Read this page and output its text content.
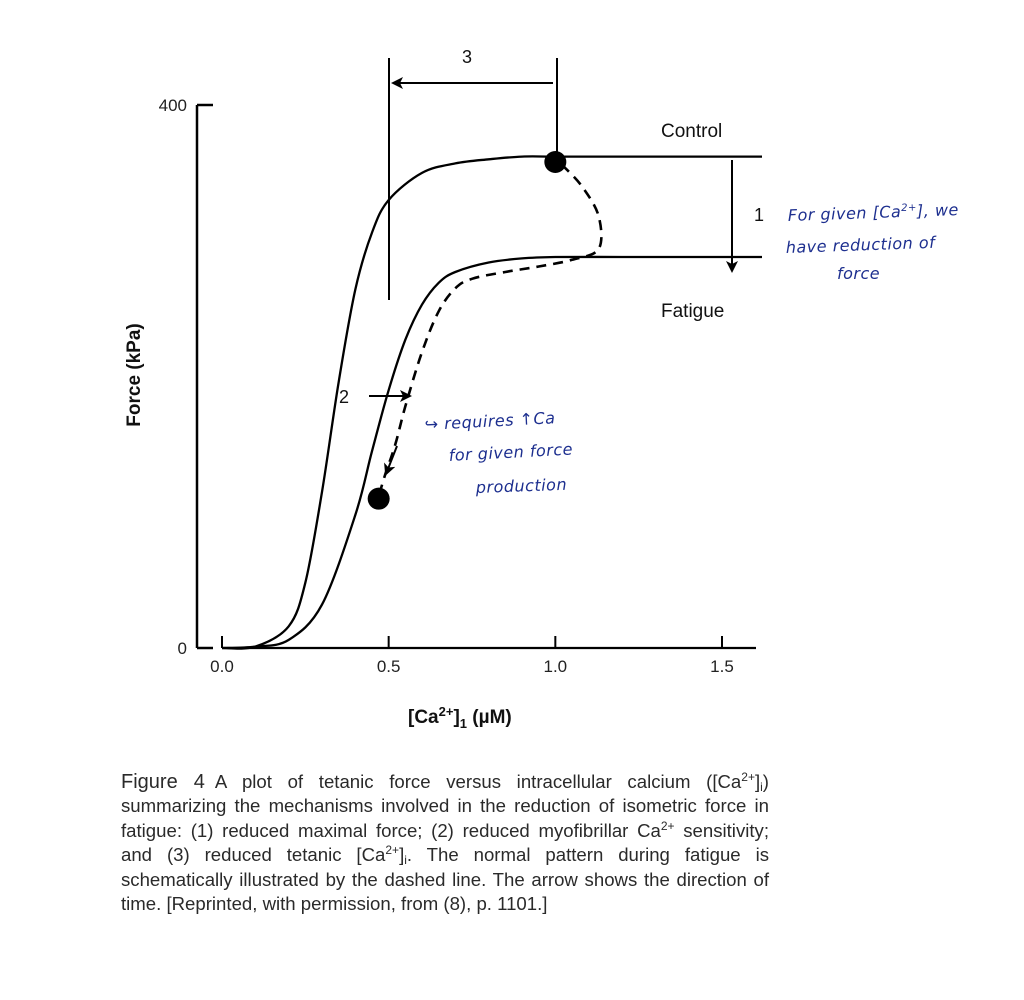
0.0	0.5	1.0	1.5
0
400
3
1
2
Control
Fatigue
$[Ca^{2+}]_1$ (µM)
Force (kPa)
For given $[Ca^{2+}]$, we
have reduction of
force
↪ requires ↑Ca
for given force
production

Figure 4 A plot of tetanic force versus intracellular calcium $([Ca^{2+}]_i)$ summarizing the mechanisms involved in the reduction of isometric force in fatigue: (1) reduced maximal force; (2) reduced myofibrillar $Ca^{2+}$ sensitivity; and (3) reduced tetanic $[Ca^{2+}]_i$. The normal pattern during fatigue is schematically illustrated by the dashed line. The arrow shows the direction of time. [Reprinted, with permission, from (8), p. 1101.]
